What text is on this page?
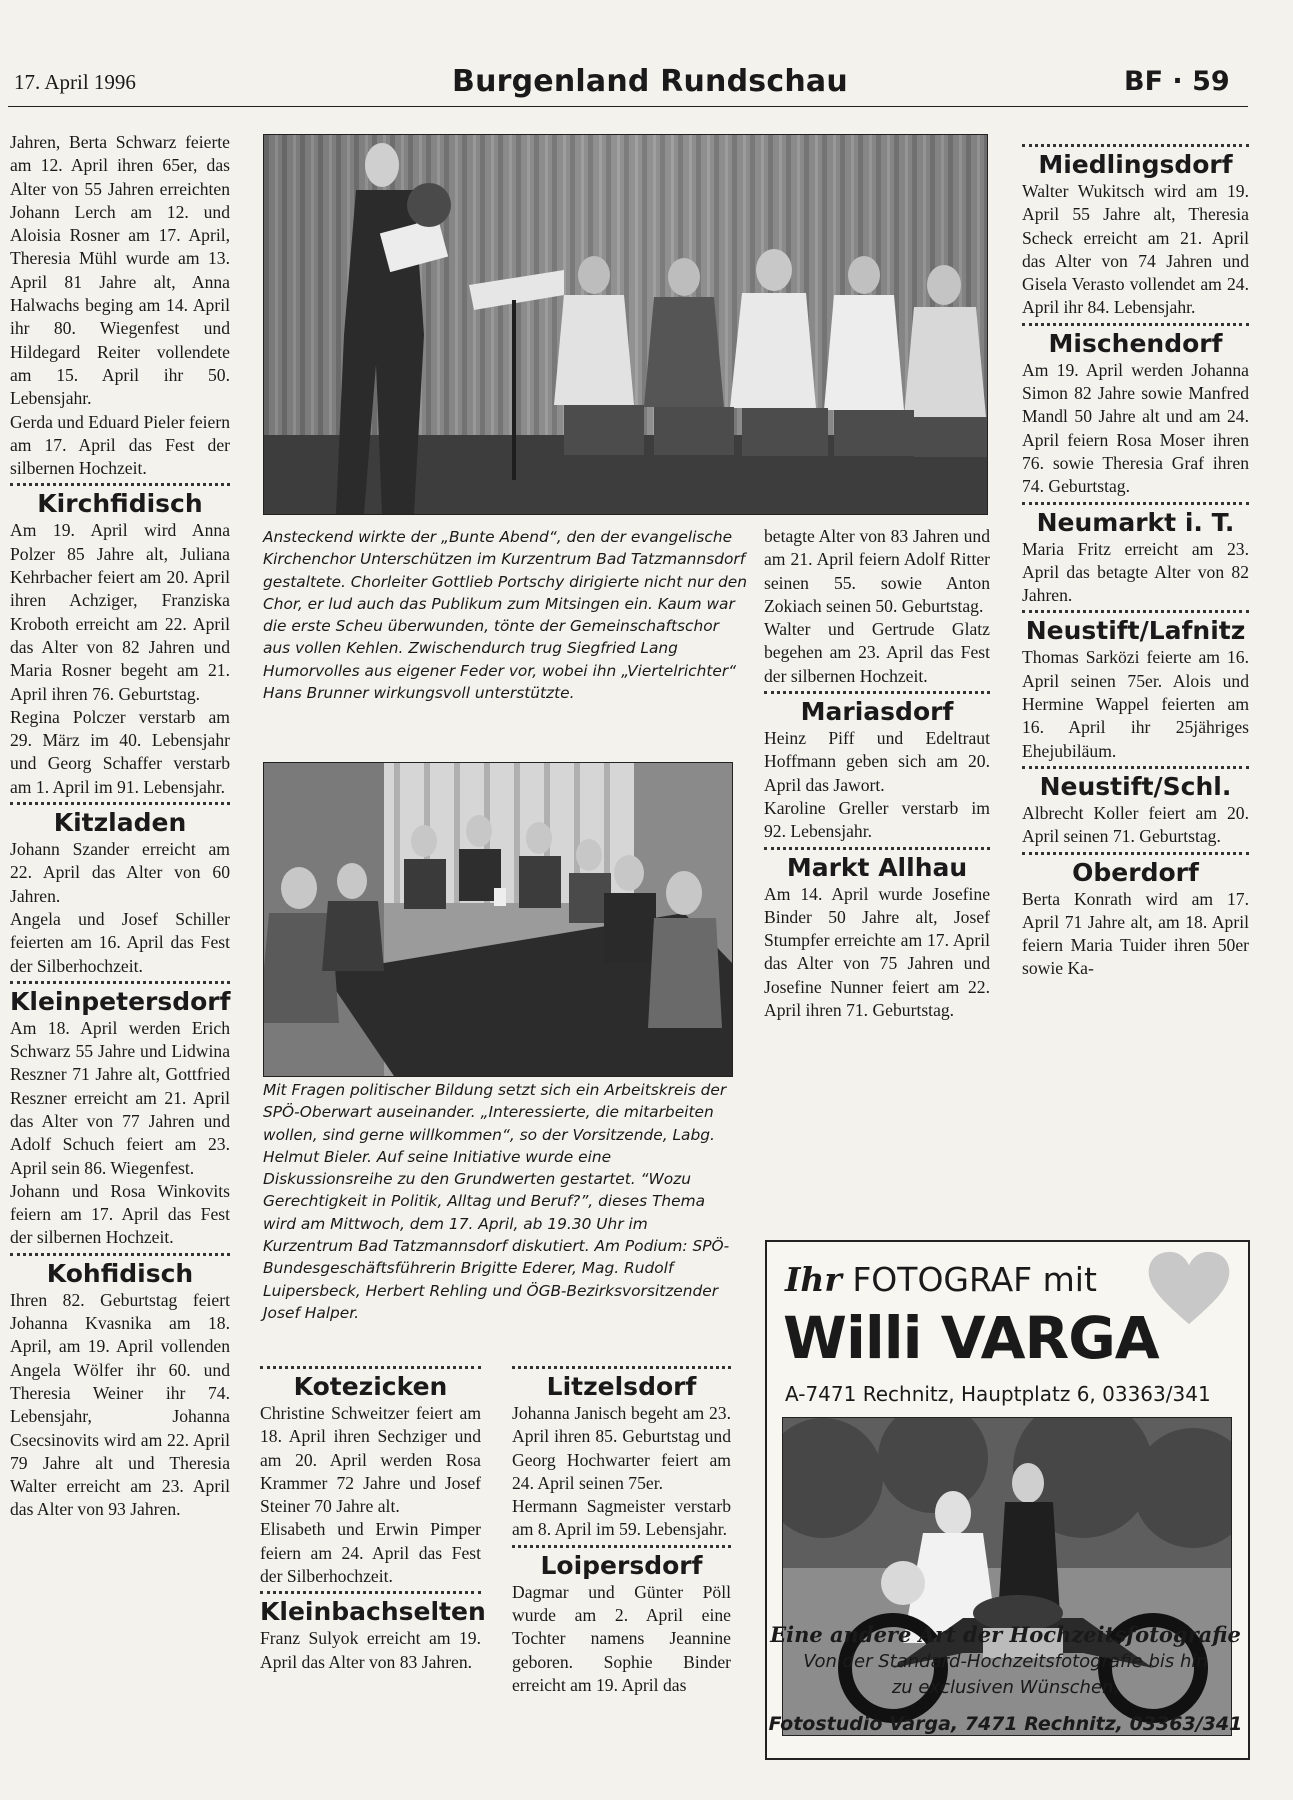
17. April 1996	Burgenland Rundschau	BF · 59

Jahren, Berta Schwarz feierte am 12. April ihren 65er, das Alter von 55 Jahren erreichten Johann Lerch am 12. und Aloisia Rosner am 17. April, Theresia Mühl wurde am 13. April 81 Jahre alt, Anna Halwachs beging am 14. April ihr 80. Wiegenfest und Hildegard Reiter vollendete am 15. April ihr 50. Lebensjahr.

Gerda und Eduard Pieler feiern am 17. April das Fest der silbernen Hochzeit.

Kirchfidisch

Am 19. April wird Anna Polzer 85 Jahre alt, Juliana Kehrbacher feiert am 20. April ihren Achziger, Franziska Kroboth erreicht am 22. April das Alter von 82 Jahren und Maria Rosner begeht am 21. April ihren 76. Geburtstag.

Regina Polczer verstarb am 29. März im 40. Lebensjahr und Georg Schaffer verstarb am 1. April im 91. Lebensjahr.

Kitzladen

Johann Szander erreicht am 22. April das Alter von 60 Jahren.

Angela und Josef Schiller feierten am 16. April das Fest der Silberhochzeit.

Kleinpetersdorf

Am 18. April werden Erich Schwarz 55 Jahre und Lidwina Reszner 71 Jahre alt, Gottfried Reszner erreicht am 21. April das Alter von 77 Jahren und Adolf Schuch feiert am 23. April sein 86. Wiegenfest.

Johann und Rosa Winkovits feiern am 17. April das Fest der silbernen Hochzeit.

Kohfidisch

Ihren 82. Geburtstag feiert Johanna Kvasnika am 18. April, am 19. April vollenden Angela Wölfer ihr 60. und Theresia Weiner ihr 74. Lebensjahr, Johanna Csecsinovits wird am 22. April 79 Jahre alt und Theresia Walter erreicht am 23. April das Alter von 93 Jahren.

Ansteckend wirkte der „Bunte Abend“, den der evangelische Kirchenchor Unterschützen im Kurzentrum Bad Tatzmannsdorf gestaltete. Chorleiter Gottlieb Portschy dirigierte nicht nur den Chor, er lud auch das Publikum zum Mitsingen ein. Kaum war die erste Scheu überwunden, tönte der Gemeinschaftschor aus vollen Kehlen. Zwischendurch trug Siegfried Lang Humorvolles aus eigener Feder vor, wobei ihn „Viertelrichter“ Hans Brunner wirkungsvoll unterstützte.

Mit Fragen politischer Bildung setzt sich ein Arbeitskreis der SPÖ-Oberwart auseinander. „Interessierte, die mitarbeiten wollen, sind gerne willkommen“, so der Vorsitzende, Labg. Helmut Bieler. Auf seine Initiative wurde eine Diskussionsreihe zu den Grundwerten gestartet. “Wozu Gerechtigkeit in Politik, Alltag und Beruf?”, dieses Thema wird am Mittwoch, dem 17. April, ab 19.30 Uhr im Kurzentrum Bad Tatzmannsdorf diskutiert. Am Podium: SPÖ-Bundesgeschäftsführerin Brigitte Ederer, Mag. Rudolf Luipersbeck, Herbert Rehling und ÖGB-Bezirksvorsitzender Josef Halper.

Kotezicken

Christine Schweitzer feiert am 18. April ihren Sechziger und am 20. April werden Rosa Krammer 72 Jahre und Josef Steiner 70 Jahre alt.

Elisabeth und Erwin Pimper feiern am 24. April das Fest der Silberhochzeit.

Kleinbachselten

Franz Sulyok erreicht am 19. April das Alter von 83 Jahren.

Litzelsdorf

Johanna Janisch begeht am 23. April ihren 85. Geburtstag und Georg Hochwarter feiert am 24. April seinen 75er.

Hermann Sagmeister verstarb am 8. April im 59. Lebensjahr.

Loipersdorf

Dagmar und Günter Pöll wurde am 2. April eine Tochter namens Jeannine geboren. Sophie Binder erreicht am 19. April das

betagte Alter von 83 Jahren und am 21. April feiern Adolf Ritter seinen 55. sowie Anton Zokiach seinen 50. Geburtstag.

Walter und Gertrude Glatz begehen am 23. April das Fest der silbernen Hochzeit.

Mariasdorf

Heinz Piff und Edeltraut Hoffmann geben sich am 20. April das Jawort.

Karoline Greller verstarb im 92. Lebensjahr.

Markt Allhau

Am 14. April wurde Josefine Binder 50 Jahre alt, Josef Stumpfer erreichte am 17. April das Alter von 75 Jahren und Josefine Nunner feiert am 22. April ihren 71. Geburtstag.

Miedlingsdorf

Walter Wukitsch wird am 19. April 55 Jahre alt, Theresia Scheck erreicht am 21. April das Alter von 74 Jahren und Gisela Verasto vollendet am 24. April ihr 84. Lebensjahr.

Mischendorf

Am 19. April werden Johanna Simon 82 Jahre sowie Manfred Mandl 50 Jahre alt und am 24. April feiern Rosa Moser ihren 76. sowie Theresia Graf ihren 74. Geburtstag.

Neumarkt i. T.

Maria Fritz erreicht am 23. April das betagte Alter von 82 Jahren.

Neustift/Lafnitz

Thomas Sarközi feierte am 16. April seinen 75er. Alois und Hermine Wappel feierten am 16. April ihr 25jähriges Ehejubiläum.

Neustift/Schl.

Albrecht Koller feiert am 20. April seinen 71. Geburtstag.

Oberdorf

Berta Konrath wird am 17. April 71 Jahre alt, am 18. April feiern Maria Tuider ihren 50er sowie Ka-

Ihr FOTOGRAF mit
Willi VARGA
A-7471 Rechnitz, Hauptplatz 6, 03363/341
Eine andere Art der Hochzeitsfotografie
Von der Standard-Hochzeitsfotografie bis hin
zu exclusiven Wünschen.
Fotostudio Varga, 7471 Rechnitz, 03363/341
